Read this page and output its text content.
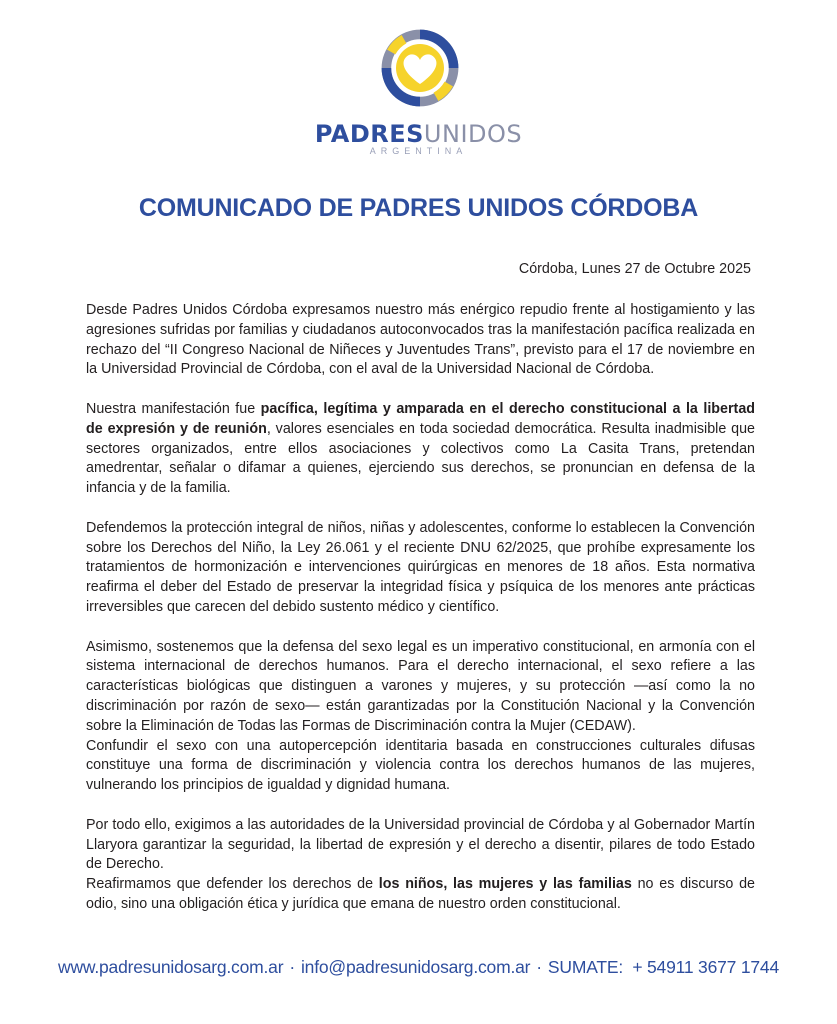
PADRESUNIDOS
ARGENTINA
COMUNICADO DE PADRES UNIDOS CÓRDOBA
Córdoba, Lunes 27 de Octubre 2025

Desde Padres Unidos Córdoba expresamos nuestro más enérgico repudio frente al hostigamiento y las agresiones sufridas por familias y ciudadanos autoconvocados tras la manifestación pacífica realizada en rechazo del “II Congreso Nacional de Niñeces y Juventudes Trans”, previsto para el 17 de noviembre en la Universidad Provincial de Córdoba, con el aval de la Universidad Nacional de Córdoba.

Nuestra manifestación fue pacífica, legítima y amparada en el derecho constitucional a la libertad de expresión y de reunión, valores esenciales en toda sociedad democrática. Resulta inadmisible que sectores organizados, entre ellos asociaciones y colectivos como La Casita Trans, pretendan amedrentar, señalar o difamar a quienes, ejerciendo sus derechos, se pronuncian en defensa de la infancia y de la familia.

Defendemos la protección integral de niños, niñas y adolescentes, conforme lo establecen la Convención sobre los Derechos del Niño, la Ley 26.061 y el reciente DNU 62/2025, que prohíbe expresamente los tratamientos de hormonización e intervenciones quirúrgicas en menores de 18 años. Esta normativa reafirma el deber del Estado de preservar la integridad física y psíquica de los menores ante prácticas irreversibles que carecen del debido sustento médico y científico.

Asimismo, sostenemos que la defensa del sexo legal es un imperativo constitucional, en armonía con el sistema internacional de derechos humanos. Para el derecho internacional, el sexo refiere a las características biológicas que distinguen a varones y mujeres, y su protección —así como la no discriminación por razón de sexo— están garantizadas por la Constitución Nacional y la Convención sobre la Eliminación de Todas las Formas de Discriminación contra la Mujer (CEDAW).

Confundir el sexo con una autopercepción identitaria basada en construcciones culturales difusas constituye una forma de discriminación y violencia contra los derechos humanos de las mujeres, vulnerando los principios de igualdad y dignidad humana.

Por todo ello, exigimos a las autoridades de la Universidad provincial de Córdoba y al Gobernador Martín Llaryora garantizar la seguridad, la libertad de expresión y el derecho a disentir, pilares de todo Estado de Derecho.

Reafirmamos que defender los derechos de los niños, las mujeres y las familias no es discurso de odio, sino una obligación ética y jurídica que emana de nuestro orden constitucional.

www.padresunidosarg.com.ar · info@padresunidosarg.com.ar · SUMATE: + 54911 3677 1744
